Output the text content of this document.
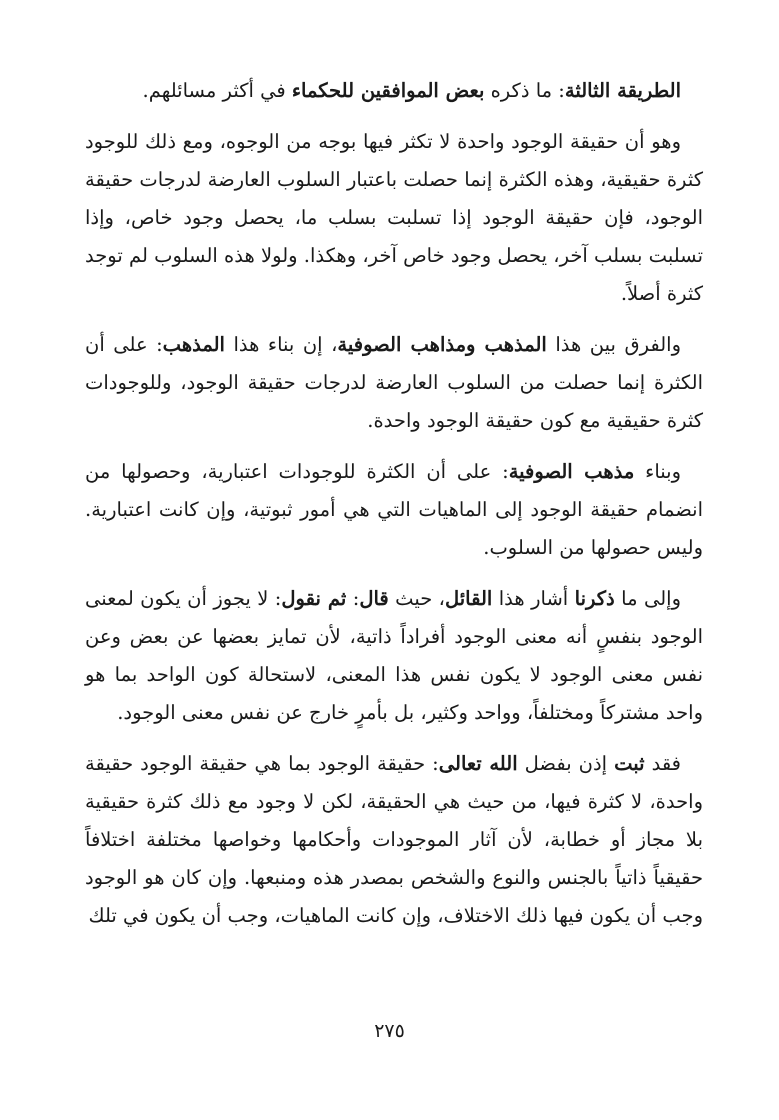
الطريقة الثالثة: ما ذكره بعض الموافقين للحكماء في أكثر مسائلهم.

وهو أن حقيقة الوجود واحدة لا تكثر فيها بوجه من الوجوه، ومع ذلك للوجود كثرة حقيقية، وهذه الكثرة إنما حصلت باعتبار السلوب العارضة لدرجات حقيقة الوجود، فإن حقيقة الوجود إذا تسلبت بسلب ما، يحصل وجود خاص، وإذا تسلبت بسلب آخر، يحصل وجود خاص آخر، وهكذا. ولولا هذه السلوب لم توجد كثرة أصلاً.

والفرق بين هذا المذهب ومذاهب الصوفية، إن بناء هذا المذهب: على أن الكثرة إنما حصلت من السلوب العارضة لدرجات حقيقة الوجود، وللوجودات كثرة حقيقية مع كون حقيقة الوجود واحدة.

وبناء مذهب الصوفية: على أن الكثرة للوجودات اعتبارية، وحصولها من انضمام حقيقة الوجود إلى الماهيات التي هي أمور ثبوتية، وإن كانت اعتبارية. وليس حصولها من السلوب.

وإلى ما ذكرنا أشار هذا القائل، حيث قال: ثم نقول: لا يجوز أن يكون لمعنى الوجود بنفسٍ أنه معنى الوجود أفراداً ذاتية، لأن تمايز بعضها عن بعض وعن نفس معنى الوجود لا يكون نفس هذا المعنى، لاستحالة كون الواحد بما هو واحد مشتركاً ومختلفاً، وواحد وكثير، بل بأمرٍ خارج عن نفس معنى الوجود.

فقد ثبت إذن بفضل الله تعالى: حقيقة الوجود بما هي حقيقة الوجود حقيقة واحدة، لا كثرة فيها، من حيث هي الحقيقة، لكن لا وجود مع ذلك كثرة حقيقية بلا مجاز أو خطابة، لأن آثار الموجودات وأحكامها وخواصها مختلفة اختلافاً حقيقياً ذاتياً بالجنس والنوع والشخص بمصدر هذه ومنبعها. وإن كان هو الوجود وجب أن يكون فيها ذلك الاختلاف، وإن كانت الماهيات، وجب أن يكون في تلك

٢٧٥
